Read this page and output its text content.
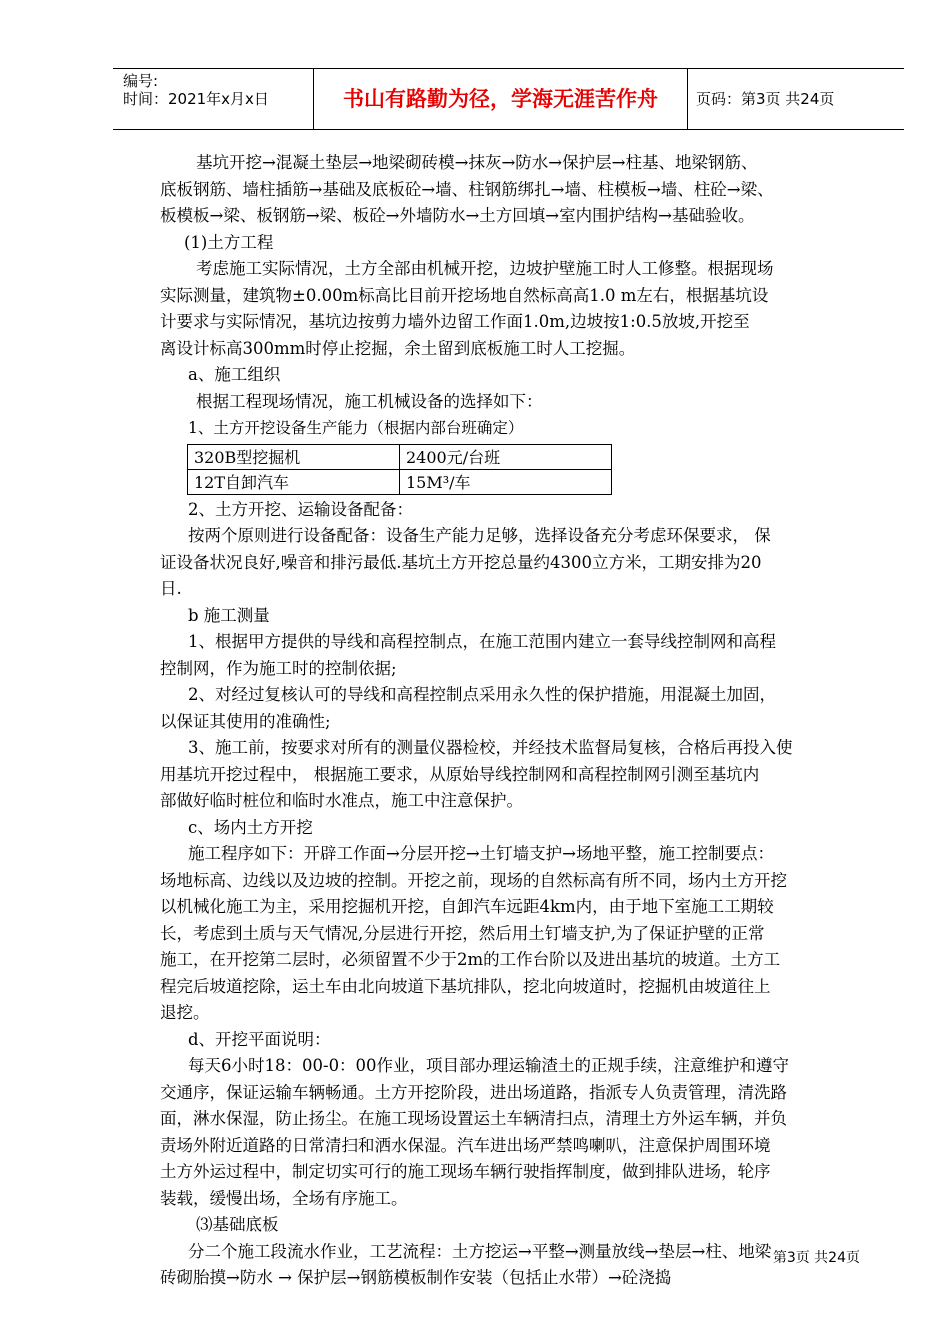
编号:
时间：2021年x月x日	书山有路勤为径，学海无涯苦作舟	页码：第3页 共24页

基坑开挖→混凝土垫层→地梁砌砖模→抹灰→防水→保护层→柱基、地梁钢筋、

底板钢筋、墙柱插筋→基础及底板砼→墙、柱钢筋绑扎→墙、柱模板→墙、柱砼→梁、

板模板→梁、板钢筋→梁、板砼→外墙防水→土方回填→室内围护结构→基础验收。

(1)土方工程

考虑施工实际情况，土方全部由机械开挖，边坡护壁施工时人工修整。根据现场

实际测量，建筑物±0.00m标高比目前开挖场地自然标高高1.0 m左右，根据基坑设

计要求与实际情况，基坑边按剪力墙外边留工作面1.0m,边坡按1:0.5放坡,开挖至

离设计标高300mm时停止挖掘，余土留到底板施工时人工挖掘。

a、施工组织

根据工程现场情况，施工机械设备的选择如下：

1、土方开挖设备生产能力（根据内部台班确定）

320B型挖掘机	2400元/台班
12T自卸汽车	15M³/车

2、土方开挖、运输设备配备：

按两个原则进行设备配备：设备生产能力足够，选择设备充分考虑环保要求， 保

证设备状况良好,噪音和排污最低.基坑土方开挖总量约4300立方米，工期安排为20

日.

b 施工测量

1、根据甲方提供的导线和高程控制点，在施工范围内建立一套导线控制网和高程

控制网，作为施工时的控制依据;

2、对经过复核认可的导线和高程控制点采用永久性的保护措施，用混凝土加固，

以保证其使用的准确性;

3、施工前，按要求对所有的测量仪器检校，并经技术监督局复核，合格后再投入使

用基坑开挖过程中， 根据施工要求，从原始导线控制网和高程控制网引测至基坑内

部做好临时桩位和临时水准点，施工中注意保护。

c、场内土方开挖

施工程序如下：开辟工作面→分层开挖→土钉墙支护→场地平整，施工控制要点：

场地标高、边线以及边坡的控制。开挖之前，现场的自然标高有所不同，场内土方开挖

以机械化施工为主，采用挖掘机开挖，自卸汽车远距4km内，由于地下室施工工期较

长，考虑到土质与天气情况,分层进行开挖，然后用土钉墙支护,为了保证护壁的正常

施工，在开挖第二层时，必须留置不少于2m的工作台阶以及进出基坑的坡道。土方工

程完后坡道挖除，运土车由北向坡道下基坑排队，挖北向坡道时，挖掘机由坡道往上

退挖。

d、开挖平面说明：

每天6小时18：00-0：00作业，项目部办理运输渣土的正规手续，注意维护和遵守

交通序，保证运输车辆畅通。土方开挖阶段，进出场道路，指派专人负责管理，清洗路

面，淋水保湿，防止扬尘。在施工现场设置运土车辆清扫点，清理土方外运车辆，并负

责场外附近道路的日常清扫和洒水保湿。汽车进出场严禁鸣喇叭，注意保护周围环境

土方外运过程中，制定切实可行的施工现场车辆行驶指挥制度，做到排队进场，轮序

装载，缓慢出场，全场有序施工。

⑶基础底板

分二个施工段流水作业，工艺流程：土方挖运→平整→测量放线→垫层→柱、地梁

砖砌胎摸→防水 → 保护层→钢筋模板制作安装（包括止水带）→砼浇捣

第3页 共24页
